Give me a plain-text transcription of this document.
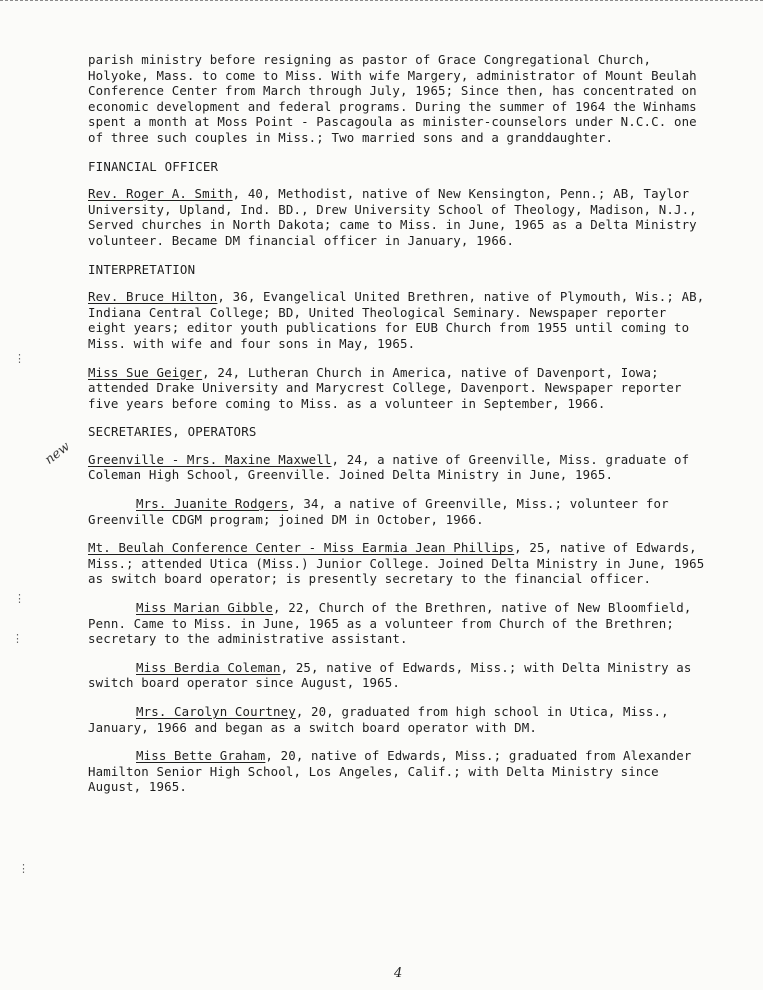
parish ministry before resigning as pastor of Grace Congregational Church, Holyoke, Mass. to come to Miss. With wife Margery, administrator of Mount Beulah Conference Center from March through July, 1965; Since then, has concentrated on economic development and federal programs. During the summer of 1964 the Winhams spent a month at Moss Point - Pascagoula as minister-counselors under N.C.C. one of three such couples in Miss.; Two married sons and a granddaughter.

FINANCIAL OFFICER

Rev. Roger A. Smith, 40, Methodist, native of New Kensington, Penn.; AB, Taylor University, Upland, Ind. BD., Drew University School of Theology, Madison, N.J., Served churches in North Dakota; came to Miss. in June, 1965 as a Delta Ministry volunteer. Became DM financial officer in January, 1966.

INTERPRETATION

Rev. Bruce Hilton, 36, Evangelical United Brethren, native of Plymouth, Wis.; AB, Indiana Central College; BD, United Theological Seminary. Newspaper reporter eight years; editor youth publications for EUB Church from 1955 until coming to Miss. with wife and four sons in May, 1965.

Miss Sue Geiger, 24, Lutheran Church in America, native of Davenport, Iowa; attended Drake University and Marycrest College, Davenport. Newspaper reporter five years before coming to Miss. as a volunteer in September, 1966.

SECRETARIES, OPERATORS

Greenville - Mrs. Maxine Maxwell, 24, a native of Greenville, Miss. graduate of Coleman High School, Greenville. Joined Delta Ministry in June, 1965.

Mrs. Juanite Rodgers, 34, a native of Greenville, Miss.; volunteer for Greenville CDGM program; joined DM in October, 1966.

Mt. Beulah Conference Center - Miss Earmia Jean Phillips, 25, native of Edwards, Miss.; attended Utica (Miss.) Junior College. Joined Delta Ministry in June, 1965 as switch board operator; is presently secretary to the financial officer.

Miss Marian Gibble, 22, Church of the Brethren, native of New Bloomfield, Penn. Came to Miss. in June, 1965 as a volunteer from Church of the Brethren; secretary to the administrative assistant.

Miss Berdia Coleman, 25, native of Edwards, Miss.; with Delta Ministry as switch board operator since August, 1965.

Mrs. Carolyn Courtney, 20, graduated from high school in Utica, Miss., January, 1966 and began as a switch board operator with DM.

Miss Bette Graham, 20, native of Edwards, Miss.; graduated from Alexander Hamilton Senior High School, Los Angeles, Calif.; with Delta Ministry since August, 1965.

new
⋮
⋮
⋮
⋮
4
